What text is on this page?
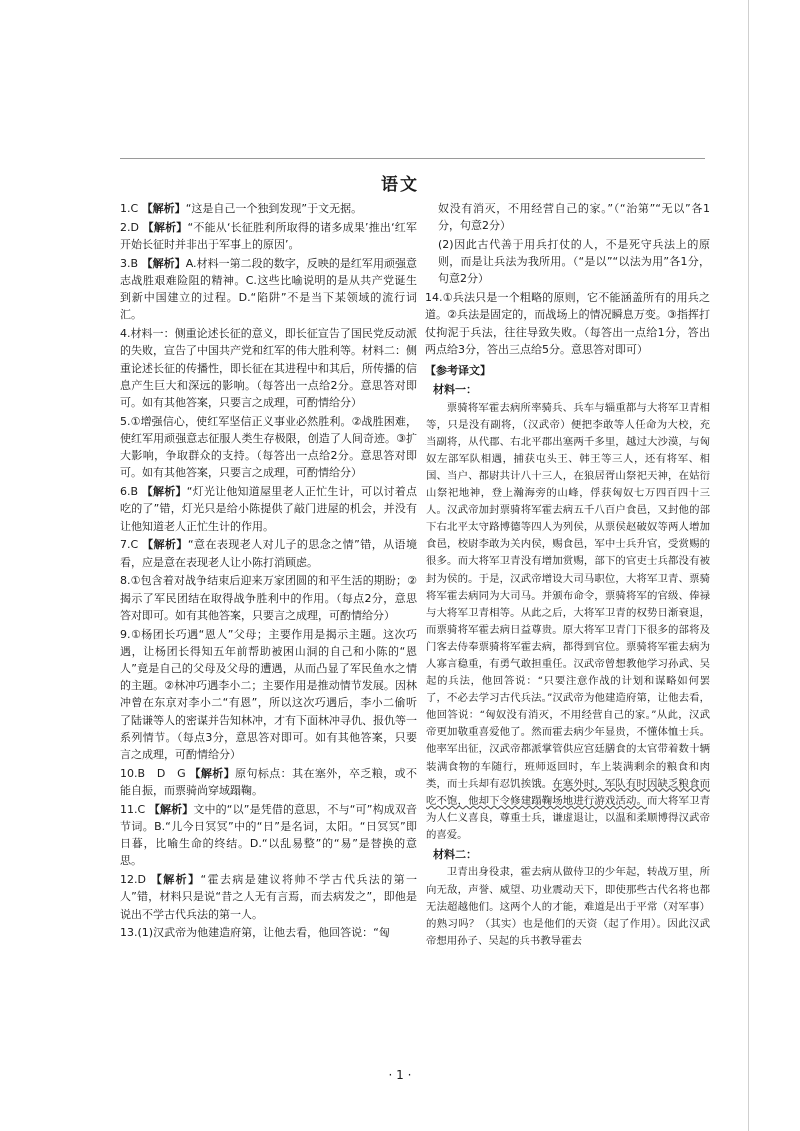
语文

1.C 【解析】“这是自己一个独到发现”于文无据。

2.D 【解析】“不能从‘长征胜利所取得的诸多成果’推出‘红军开始长征时并非出于军事上的原因’。

3.B 【解析】A.材料一第二段的数字，反映的是红军用顽强意志战胜艰难险阻的精神。C.这些比喻说明的是从共产党诞生到新中国建立的过程。D.“陷阱”不是当下某领域的流行词汇。

4.材料一：侧重论述长征的意义，即长征宣告了国民党反动派的失败，宣告了中国共产党和红军的伟大胜利等。材料二：侧重论述长征的传播性，即长征在其进程中和其后，所传播的信息产生巨大和深远的影响。（每答出一点给2分。意思答对即可。如有其他答案，只要言之成理，可酌情给分）

5.①增强信心，使红军坚信正义事业必然胜利。②战胜困难，使红军用顽强意志征服人类生存极限，创造了人间奇迹。③扩大影响，争取群众的支持。（每答出一点给2分。意思答对即可。如有其他答案，只要言之成理，可酌情给分）

6.B 【解析】“灯光让他知道屋里老人正忙生计，可以讨着点吃的了”错，灯光只是给小陈提供了敲门进屋的机会，并没有让他知道老人正忙生计的作用。

7.C 【解析】“意在表现老人对儿子的思念之情”错，从语境看，应是意在表现老人让小陈打消顾虑。

8.①包含着对战争结束后迎来万家团圆的和平生活的期盼；②揭示了军民团结在取得战争胜利中的作用。（每点2分，意思答对即可。如有其他答案，只要言之成理，可酌情给分）

9.①杨团长巧遇“恩人”父母；主要作用是揭示主题。这次巧遇，让杨团长得知五年前帮助被困山洞的自己和小陈的“恩人”竟是自己的父母及父母的遭遇，从而凸显了军民鱼水之情的主题。②林冲巧遇李小二；主要作用是推动情节发展。因林冲曾在东京对李小二“有恩”，所以这次巧遇后，李小二偷听了陆谦等人的密谋并告知林冲，才有下面林冲寻仇、报仇等一系列情节。（每点3分，意思答对即可。如有其他答案，只要言之成理，可酌情给分）

10.B　D　G 【解析】原句标点：其在塞外，卒乏粮，或不能自振，而票骑尚穿域蹋鞠。

11.C 【解析】文中的“以”是凭借的意思，不与“可”构成双音节词。B.“儿今日冥冥”中的“日”是名词，太阳。“日冥冥”即日暮，比喻生命的终结。D.“以乱易整”的“易”是替换的意思。

12.D 【解析】“霍去病是建议将帅不学古代兵法的第一人”错，材料只是说“昔之人无有言焉，而去病发之”，即他是说出不学古代兵法的第一人。

13.(1)汉武帝为他建造府第，让他去看，他回答说：“匈

奴没有消灭，不用经营自己的家。”（“治第”“无以”各1分，句意2分）

(2)因此古代善于用兵打仗的人，不是死守兵法上的原则，而是让兵法为我所用。（“是以”“以法为用”各1分，句意2分）

14.①兵法只是一个粗略的原则，它不能涵盖所有的用兵之道。②兵法是固定的，而战场上的情况瞬息万变。③指挥打仗拘泥于兵法，往往导致失败。（每答出一点给1分，答出两点给3分，答出三点给5分。意思答对即可）

【参考译文】

材料一：

票骑将军霍去病所率骑兵、兵车与辎重都与大将军卫青相等，只是没有副将，（汉武帝）便把李敢等人任命为大校，充当副将，从代郡、右北平郡出塞两千多里，越过大沙漠，与匈奴左部军队相遇，捕获屯头王、韩王等三人，还有将军、相国、当户、都尉共计八十三人，在狼居胥山祭祀天神，在姑衍山祭祀地神，登上瀚海旁的山峰，俘获匈奴七万四百四十三人。汉武帝加封票骑将军霍去病五千八百户食邑，又封他的部下右北平太守路博德等四人为列侯，从票侯赵破奴等两人增加食邑，校尉李敢为关内侯，赐食邑，军中士兵升官，受赏赐的很多。而大将军卫青没有增加赏赐，部下的官吏士兵都没有被封为侯的。于是，汉武帝增设大司马职位，大将军卫青、票骑将军霍去病同为大司马。并颁布命令，票骑将军的官级、俸禄与大将军卫青相等。从此之后，大将军卫青的权势日渐衰退，而票骑将军霍去病日益尊贵。原大将军卫青门下很多的部将及门客去侍奉票骑将军霍去病，都得到官位。票骑将军霍去病为人寡言稳重，有勇气敢担重任。汉武帝曾想教他学习孙武、吴起的兵法，他回答说：“只要注意作战的计划和谋略如何罢了，不必去学习古代兵法。”汉武帝为他建造府第，让他去看，他回答说：“匈奴没有消灭，不用经营自己的家。”从此，汉武帝更加敬重喜爱他了。然而霍去病少年显贵，不懂体恤士兵。他率军出征，汉武帝都派掌管供应宫廷膳食的太官带着数十辆装满食物的车随行，班师返回时，车上装满剩余的粮食和肉类，而士兵却有忍饥挨饿。在塞外时，军队有时因缺乏粮食而吃不饱，他却下令修建蹋鞠场地进行游戏活动。而大将军卫青为人仁义喜良，尊重士兵，谦虚退让，以温和柔顺博得汉武帝的喜爱。

材料二：

卫青出身役隶，霍去病从做侍卫的少年起，转战万里，所向无敌，声誉、威望、功业震动天下，即使那些古代名将也都无法超越他们。这两个人的才能，难道是出于平常（对军事）的熟习吗？（其实）也是他们的天资（起了作用）。因此汉武帝想用孙子、吴起的兵书教导霍去

· 1 ·
